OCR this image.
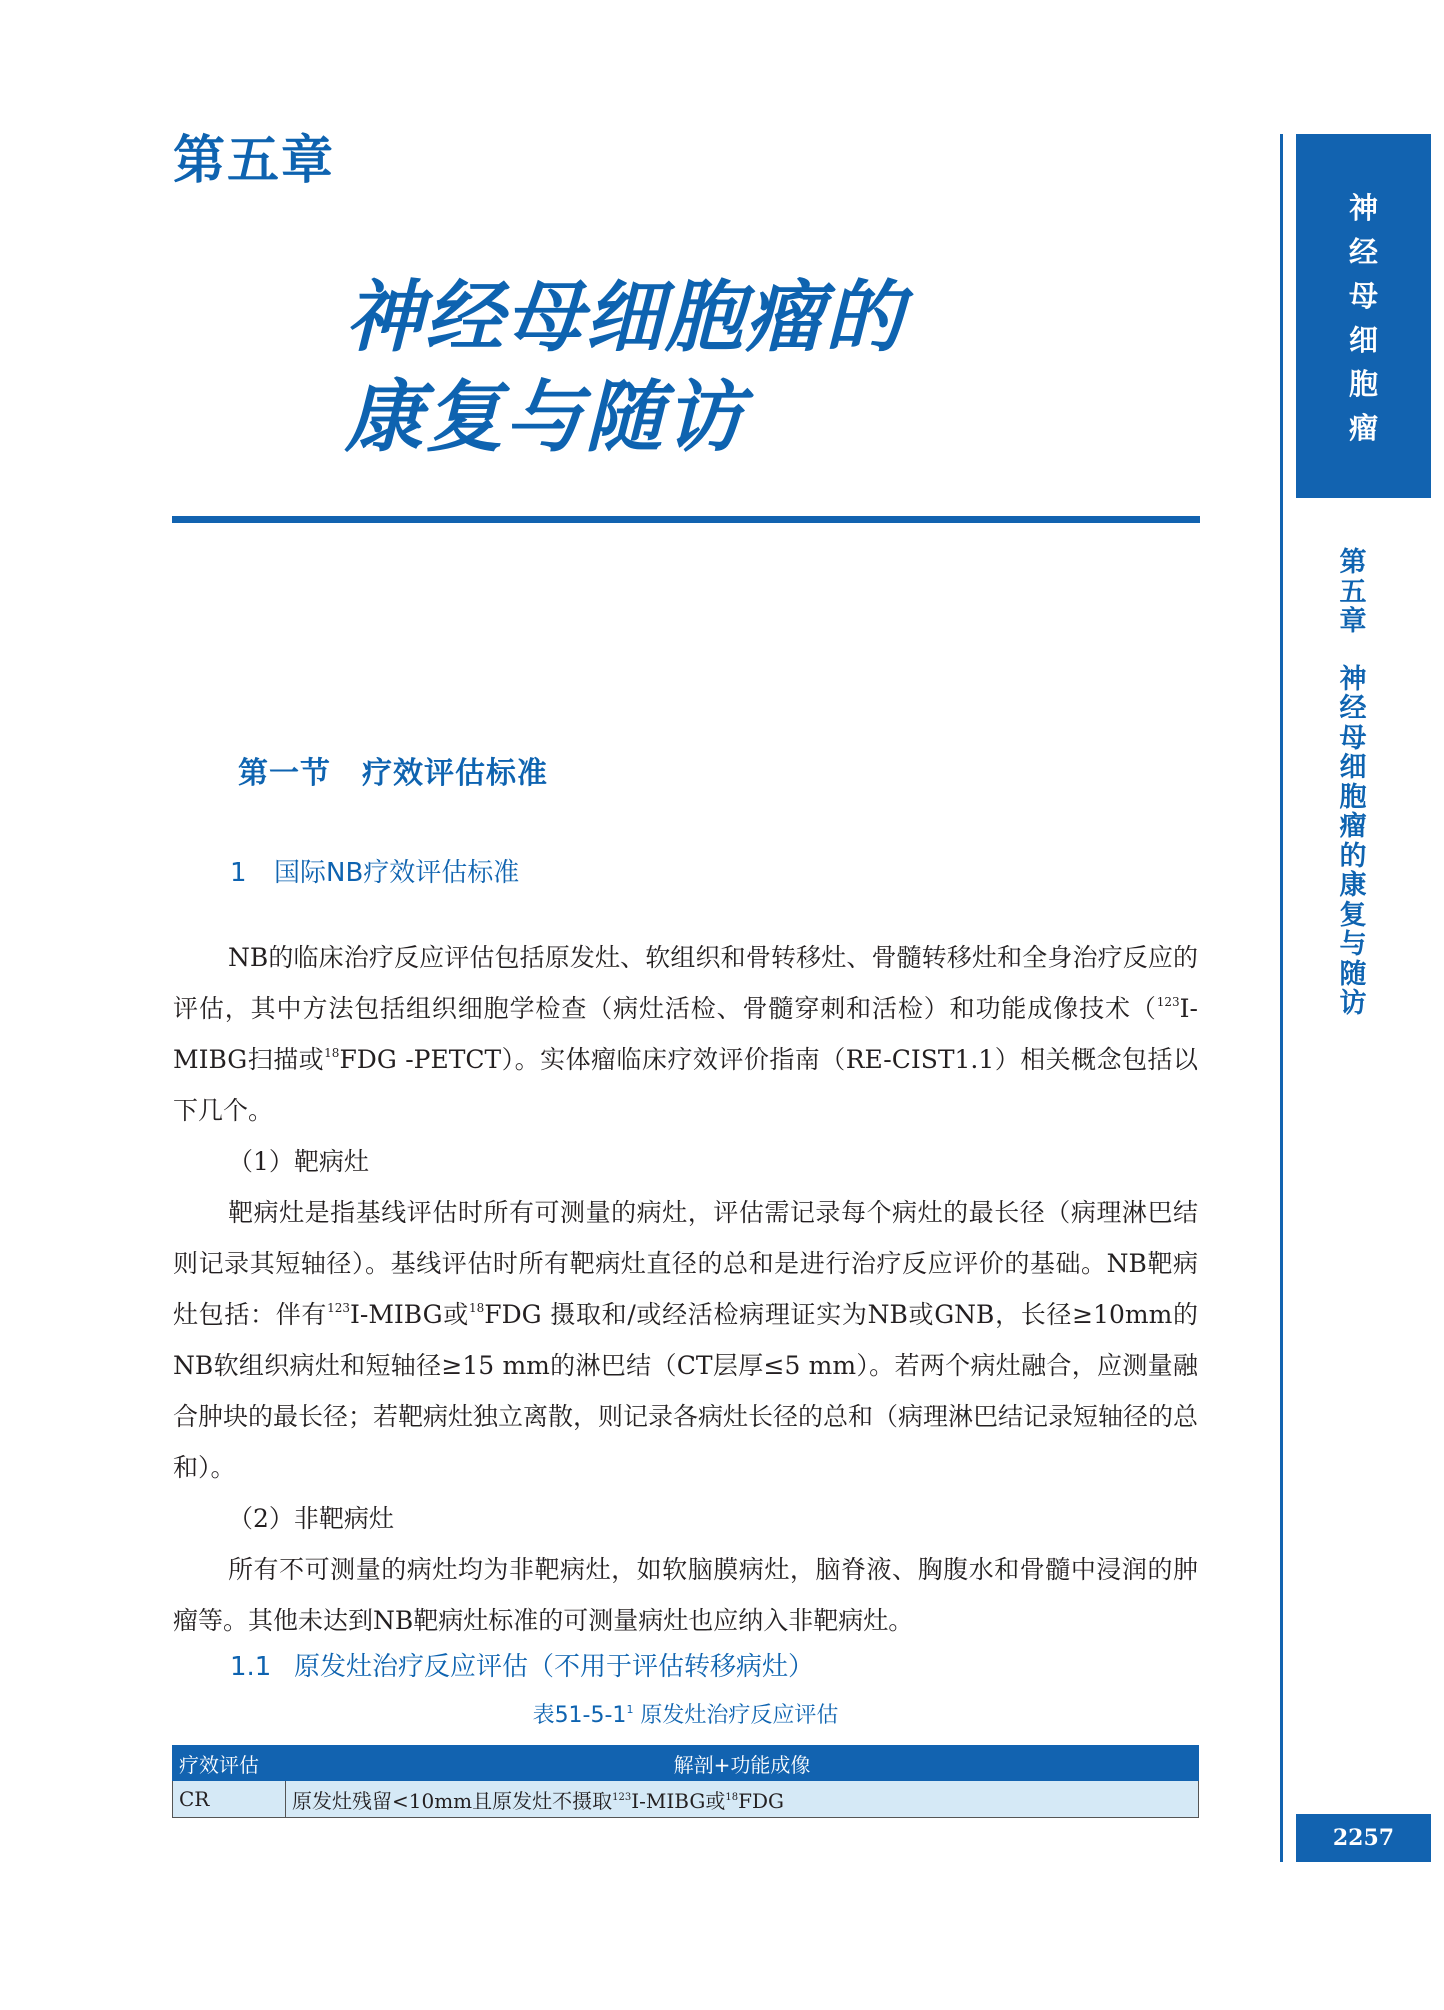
第五章
神经母细胞瘤的
康复与随访
神
经
母
细
胞
瘤
第
五
章
神
经
母
细
胞
瘤
的
康
复
与
随
访
2257
第一节　疗效评估标准
1 国际NB疗效评估标准

NB的临床治疗反应评估包括原发灶、软组织和骨转移灶、骨髓转移灶和全身治疗反应的评估，其中方法包括组织细胞学检查（病灶活检、骨髓穿刺和活检）和功能成像技术（$^{123}$I-MIBG扫描或$^{18}$FDG -PETCT）。实体瘤临床疗效评价指南（RE-CIST1.1）相关概念包括以下几个。

（1）靶病灶

靶病灶是指基线评估时所有可测量的病灶，评估需记录每个病灶的最长径（病理淋巴结则记录其短轴径）。基线评估时所有靶病灶直径的总和是进行治疗反应评价的基础。NB靶病灶包括：伴有$^{123}$I-MIBG或$^{18}$FDG 摄取和/或经活检病理证实为NB或GNB，长径≥10mm的NB软组织病灶和短轴径≥15 mm的淋巴结（CT层厚≤5 mm）。若两个病灶融合，应测量融合肿块的最长径；若靶病灶独立离散，则记录各病灶长径的总和（病理淋巴结记录短轴径的总和）。

（2）非靶病灶

所有不可测量的病灶均为非靶病灶，如软脑膜病灶，脑脊液、胸腹水和骨髓中浸润的肿瘤等。其他未达到NB靶病灶标准的可测量病灶也应纳入非靶病灶。

1.1 原发灶治疗反应评估（不用于评估转移病灶）
表$51-5-1^1$ 原发灶治疗反应评估
疗效评估	解剖+功能成像
CR	原发灶残留<10mm且原发灶不摄取$^{123}$I-MIBG或$^{18}$FDG
